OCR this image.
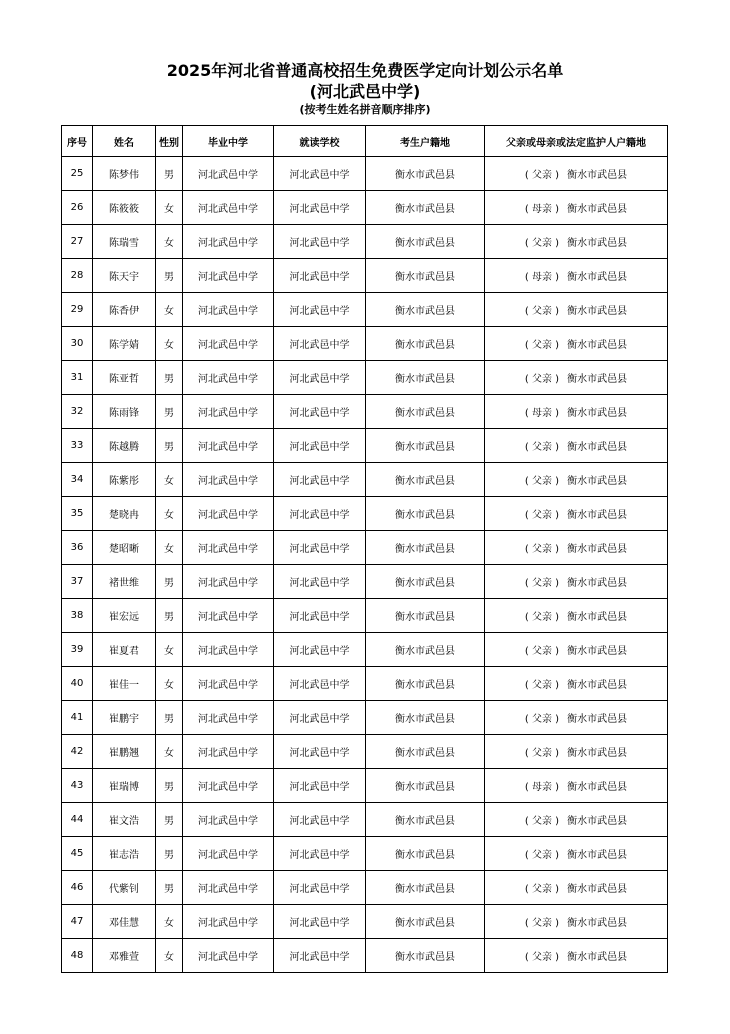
2025年河北省普通高校招生免费医学定向计划公示名单
(河北武邑中学)
(按考生姓名拼音顺序排序)
序号	姓名	性别	毕业中学	就读学校	考生户籍地	父亲或母亲或法定监护人户籍地
25	陈梦伟	男	河北武邑中学	河北武邑中学	衡水市武邑县	( 父亲 ) 衡水市武邑县
26	陈筱筱	女	河北武邑中学	河北武邑中学	衡水市武邑县	( 母亲 ) 衡水市武邑县
27	陈瑞雪	女	河北武邑中学	河北武邑中学	衡水市武邑县	( 父亲 ) 衡水市武邑县
28	陈天宇	男	河北武邑中学	河北武邑中学	衡水市武邑县	( 母亲 ) 衡水市武邑县
29	陈香伊	女	河北武邑中学	河北武邑中学	衡水市武邑县	( 父亲 ) 衡水市武邑县
30	陈学婧	女	河北武邑中学	河北武邑中学	衡水市武邑县	( 父亲 ) 衡水市武邑县
31	陈亚哲	男	河北武邑中学	河北武邑中学	衡水市武邑县	( 父亲 ) 衡水市武邑县
32	陈雨锋	男	河北武邑中学	河北武邑中学	衡水市武邑县	( 母亲 ) 衡水市武邑县
33	陈越腾	男	河北武邑中学	河北武邑中学	衡水市武邑县	( 父亲 ) 衡水市武邑县
34	陈紫彤	女	河北武邑中学	河北武邑中学	衡水市武邑县	( 父亲 ) 衡水市武邑县
35	楚晓冉	女	河北武邑中学	河北武邑中学	衡水市武邑县	( 父亲 ) 衡水市武邑县
36	楚昭晰	女	河北武邑中学	河北武邑中学	衡水市武邑县	( 父亲 ) 衡水市武邑县
37	褚世维	男	河北武邑中学	河北武邑中学	衡水市武邑县	( 父亲 ) 衡水市武邑县
38	崔宏远	男	河北武邑中学	河北武邑中学	衡水市武邑县	( 父亲 ) 衡水市武邑县
39	崔夏君	女	河北武邑中学	河北武邑中学	衡水市武邑县	( 父亲 ) 衡水市武邑县
40	崔佳一	女	河北武邑中学	河北武邑中学	衡水市武邑县	( 父亲 ) 衡水市武邑县
41	崔鹏宇	男	河北武邑中学	河北武邑中学	衡水市武邑县	( 父亲 ) 衡水市武邑县
42	崔鹏翘	女	河北武邑中学	河北武邑中学	衡水市武邑县	( 父亲 ) 衡水市武邑县
43	崔瑞博	男	河北武邑中学	河北武邑中学	衡水市武邑县	( 母亲 ) 衡水市武邑县
44	崔文浩	男	河北武邑中学	河北武邑中学	衡水市武邑县	( 父亲 ) 衡水市武邑县
45	崔志浩	男	河北武邑中学	河北武邑中学	衡水市武邑县	( 父亲 ) 衡水市武邑县
46	代紫钊	男	河北武邑中学	河北武邑中学	衡水市武邑县	( 父亲 ) 衡水市武邑县
47	邓佳慧	女	河北武邑中学	河北武邑中学	衡水市武邑县	( 父亲 ) 衡水市武邑县
48	邓雅萱	女	河北武邑中学	河北武邑中学	衡水市武邑县	( 父亲 ) 衡水市武邑县
